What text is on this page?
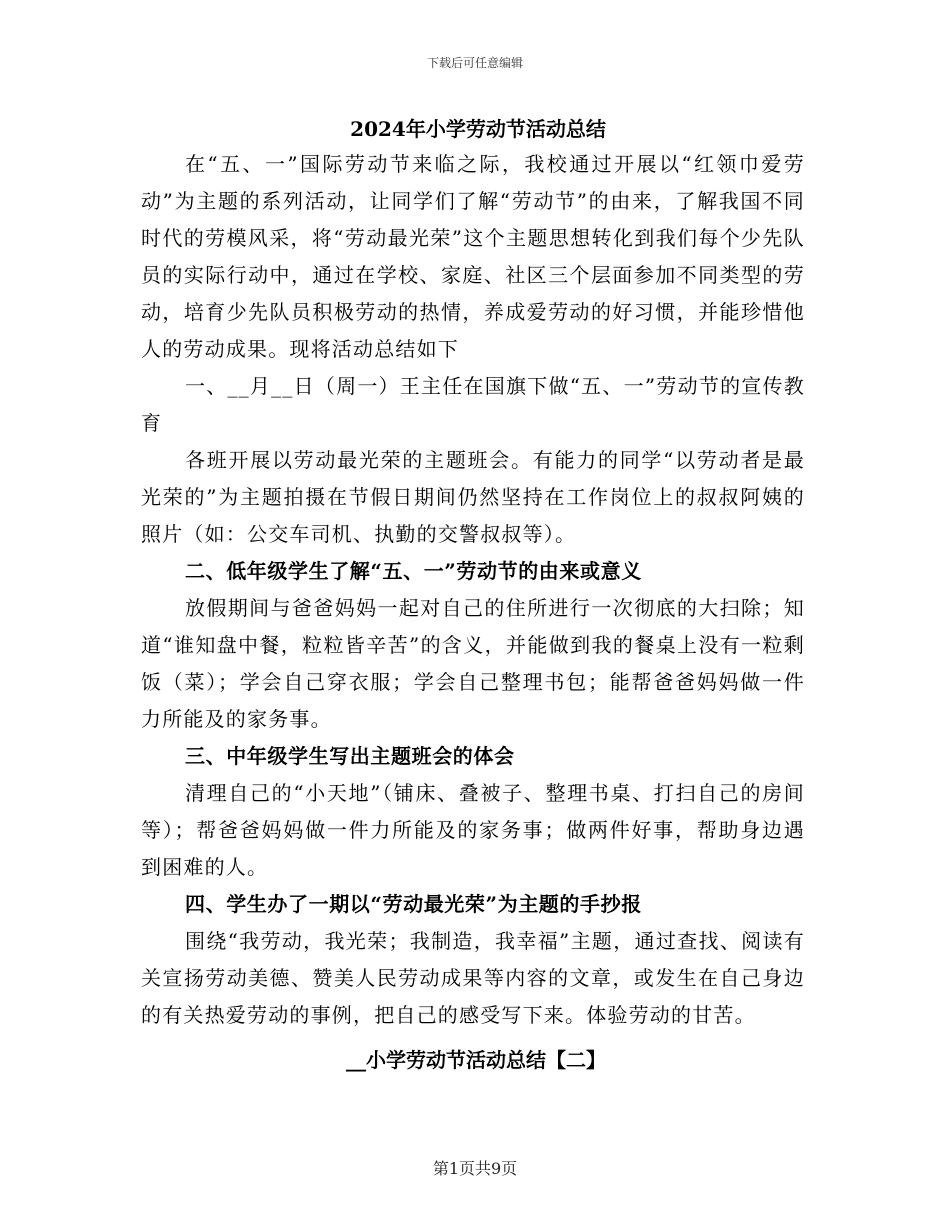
下载后可任意编辑

2024年小学劳动节活动总结

在“五、一”国际劳动节来临之际，我校通过开展以“红领巾爱劳动”为主题的系列活动，让同学们了解“劳动节”的由来，了解我国不同时代的劳模风采，将“劳动最光荣”这个主题思想转化到我们每个少先队员的实际行动中，通过在学校、家庭、社区三个层面参加不同类型的劳动，培育少先队员积极劳动的热情，养成爱劳动的好习惯，并能珍惜他人的劳动成果。现将活动总结如下

一、__月__日（周一）王主任在国旗下做“五、一”劳动节的宣传教育

各班开展以劳动最光荣的主题班会。有能力的同学“以劳动者是最光荣的”为主题拍摄在节假日期间仍然坚持在工作岗位上的叔叔阿姨的照片（如：公交车司机、执勤的交警叔叔等）。

二、低年级学生了解“五、一”劳动节的由来或意义

放假期间与爸爸妈妈一起对自己的住所进行一次彻底的大扫除；知道“谁知盘中餐，粒粒皆辛苦”的含义，并能做到我的餐桌上没有一粒剩饭（菜）；学会自己穿衣服；学会自己整理书包；能帮爸爸妈妈做一件力所能及的家务事。

三、中年级学生写出主题班会的体会

清理自己的“小天地”（铺床、叠被子、整理书桌、打扫自己的房间等）；帮爸爸妈妈做一件力所能及的家务事；做两件好事，帮助身边遇到困难的人。

四、学生办了一期以“劳动最光荣”为主题的手抄报

围绕“我劳动，我光荣；我制造，我幸福”主题，通过查找、阅读有关宣扬劳动美德、赞美人民劳动成果等内容的文章，或发生在自己身边的有关热爱劳动的事例，把自己的感受写下来。体验劳动的甘苦。

__小学劳动节活动总结【二】

第1页共9页
